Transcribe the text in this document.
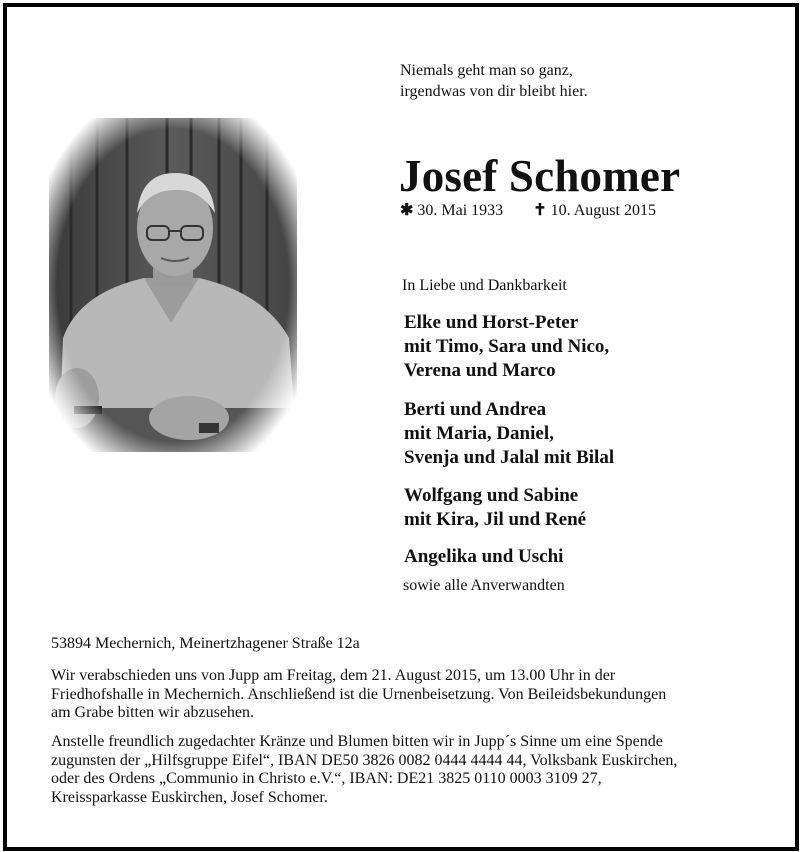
Niemals geht man so ganz,
irgendwas von dir bleibt hier.
Josef Schomer
✱ 30. Mai 1933 ✝ 10. August 2015
In Liebe und Dankbarkeit
Elke und Horst-Peter
mit Timo, Sara und Nico,
Verena und Marco
Berti und Andrea
mit Maria, Daniel,
Svenja und Jalal mit Bilal
Wolfgang und Sabine
mit Kira, Jil und René
Angelika und Uschi
sowie alle Anverwandten
53894 Mechernich, Meinertzhagener Straße 12a
Wir verabschieden uns von Jupp am Freitag, dem 21. August 2015, um 13.00 Uhr in der
Friedhofshalle in Mechernich. Anschließend ist die Urnenbeisetzung. Von Beileidsbekundungen
am Grabe bitten wir abzusehen.
Anstelle freundlich zugedachter Kränze und Blumen bitten wir in Jupp´s Sinne um eine Spende
zugunsten der „Hilfsgruppe Eifel“, IBAN DE50 3826 0082 0444 4444 44, Volksbank Euskirchen,
oder des Ordens „Communio in Christo e.V.“, IBAN: DE21 3825 0110 0003 3109 27,
Kreissparkasse Euskirchen, Josef Schomer.
